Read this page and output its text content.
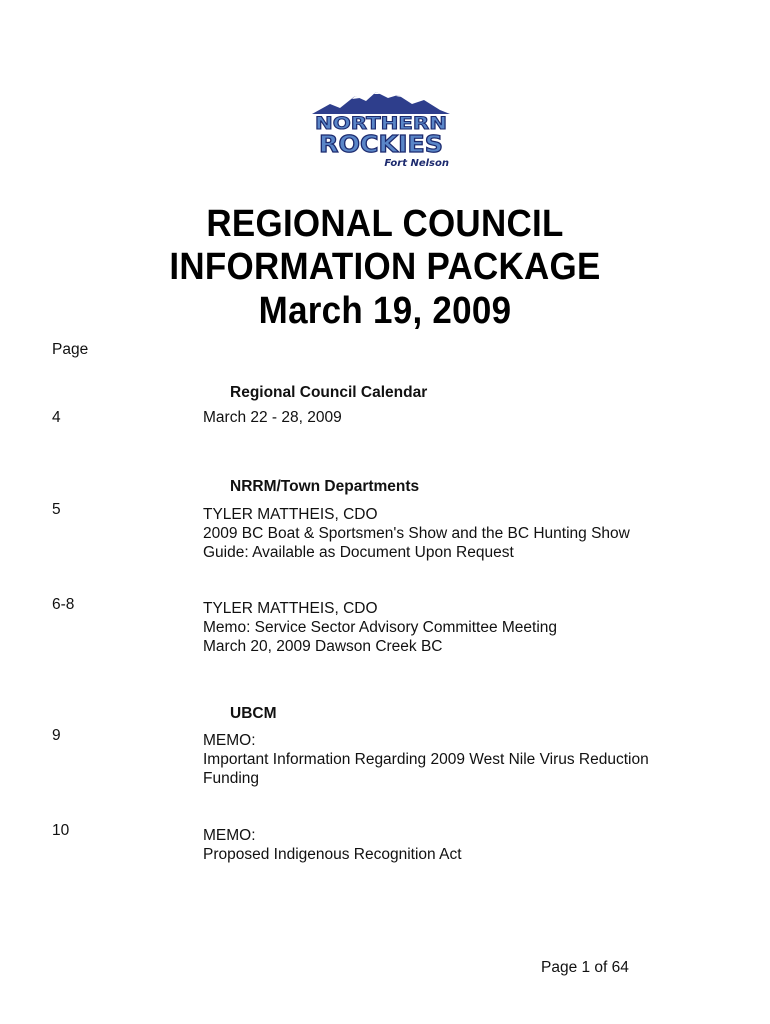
NORTHERN
ROCKIES
Fort Nelson
REGIONAL COUNCIL
INFORMATION PACKAGE
March 19, 2009
Page
Regional Council Calendar
4	March 22 - 28, 2009
NRRM/Town Departments
5	TYLER MATTHEIS, CDO
2009 BC Boat & Sportsmen's Show and the BC Hunting Show
Guide: Available as Document Upon Request
6-8	TYLER MATTHEIS, CDO
Memo: Service Sector Advisory Committee Meeting
March 20, 2009 Dawson Creek BC
UBCM
9	MEMO:
Important Information Regarding 2009 West Nile Virus Reduction
Funding
10	MEMO:
Proposed Indigenous Recognition Act
Page 1 of 64
